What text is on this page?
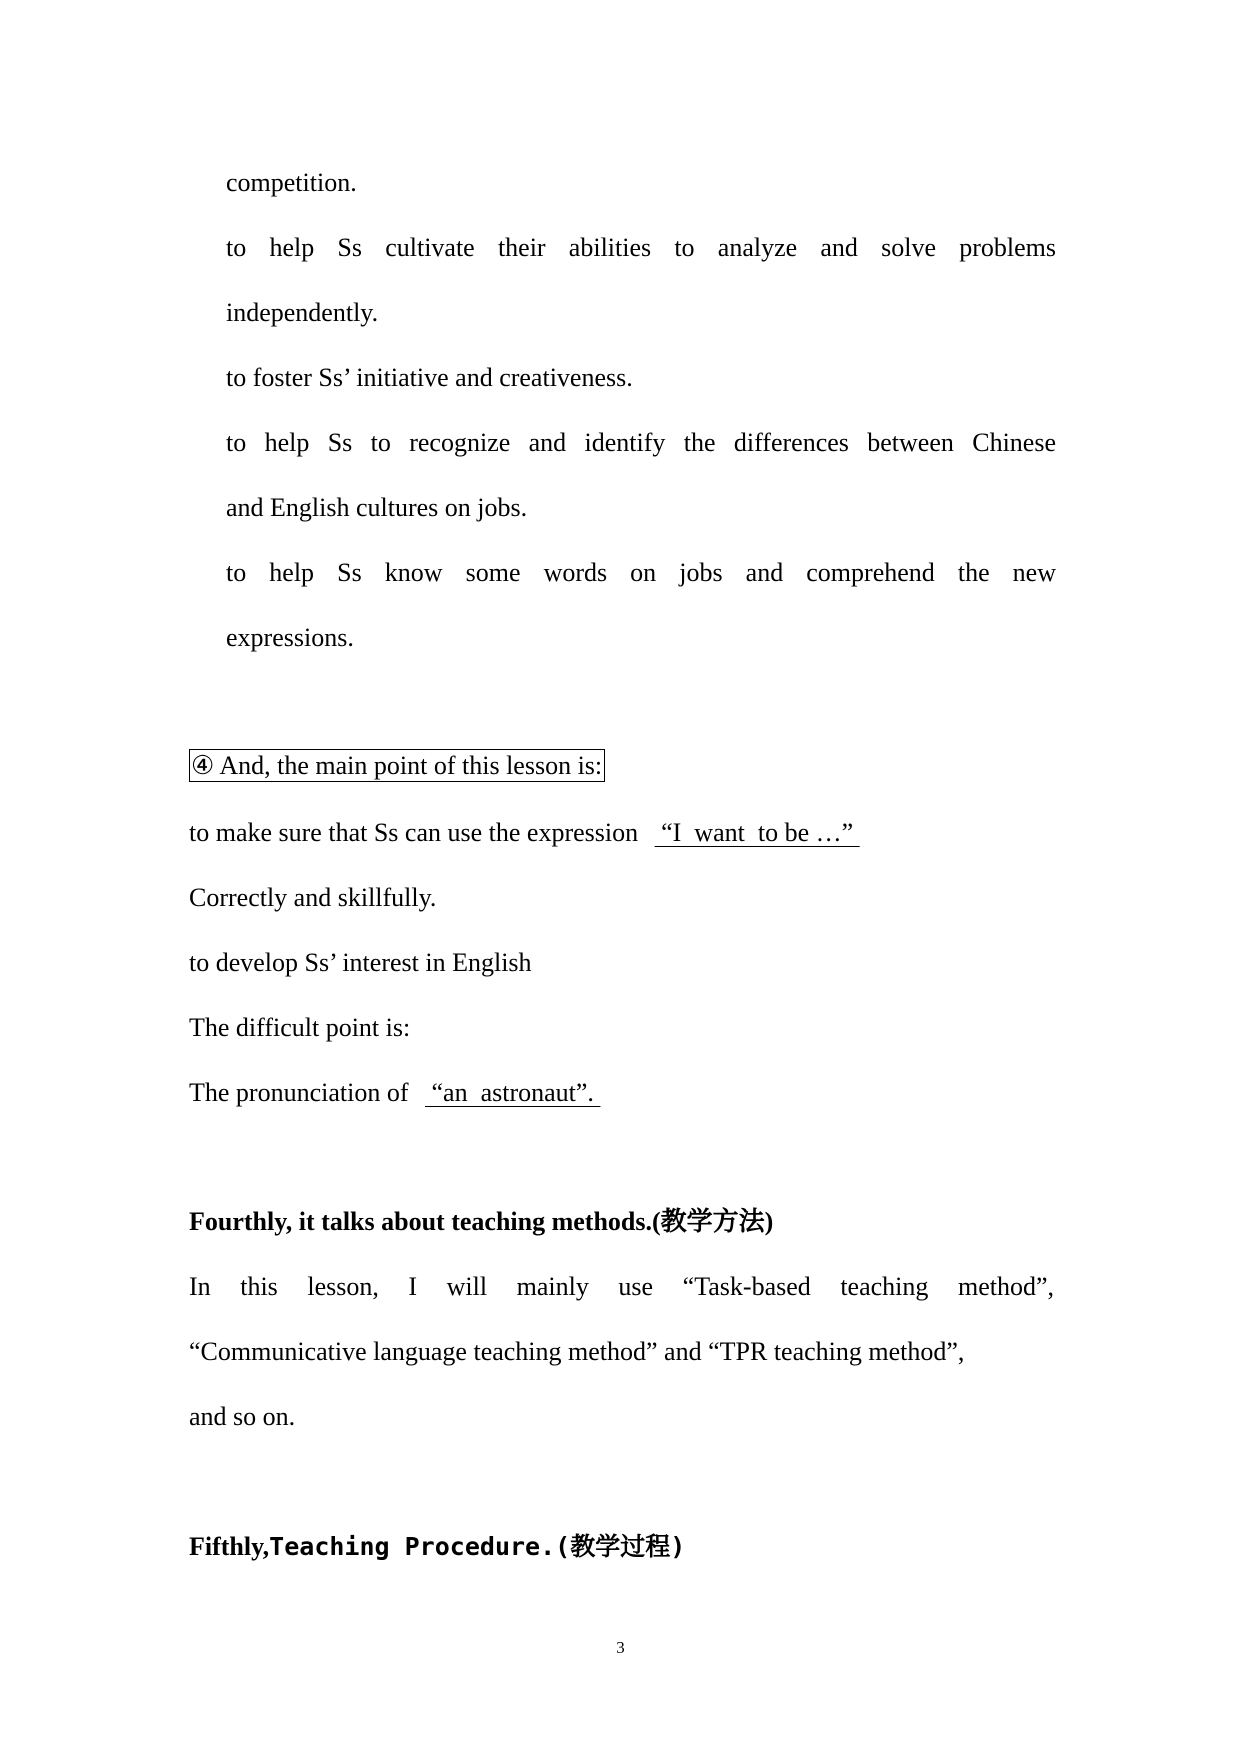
competition.
to help Ss cultivate their abilities to analyze and solve problems
independently.
to foster Ss’ initiative and creativeness.
to help Ss to recognize and identify the differences between Chinese
and English cultures on jobs.
to help Ss know some words on jobs and comprehend the new
expressions.
④ And, the main point of this lesson is:
to make sure that Ss can use the expression  “I  want  to be …”
Correctly and skillfully.
to develop Ss’ interest in English
The difficult point is:
The pronunciation of  “an  astronaut”.
Fourthly, it talks about teaching methods.(教学方法)
In this lesson, I will mainly use “Task-based teaching method”,
“Communicative language teaching method” and “TPR teaching method”,
and so on.
Fifthly,Teaching Procedure.(教学过程)
3
